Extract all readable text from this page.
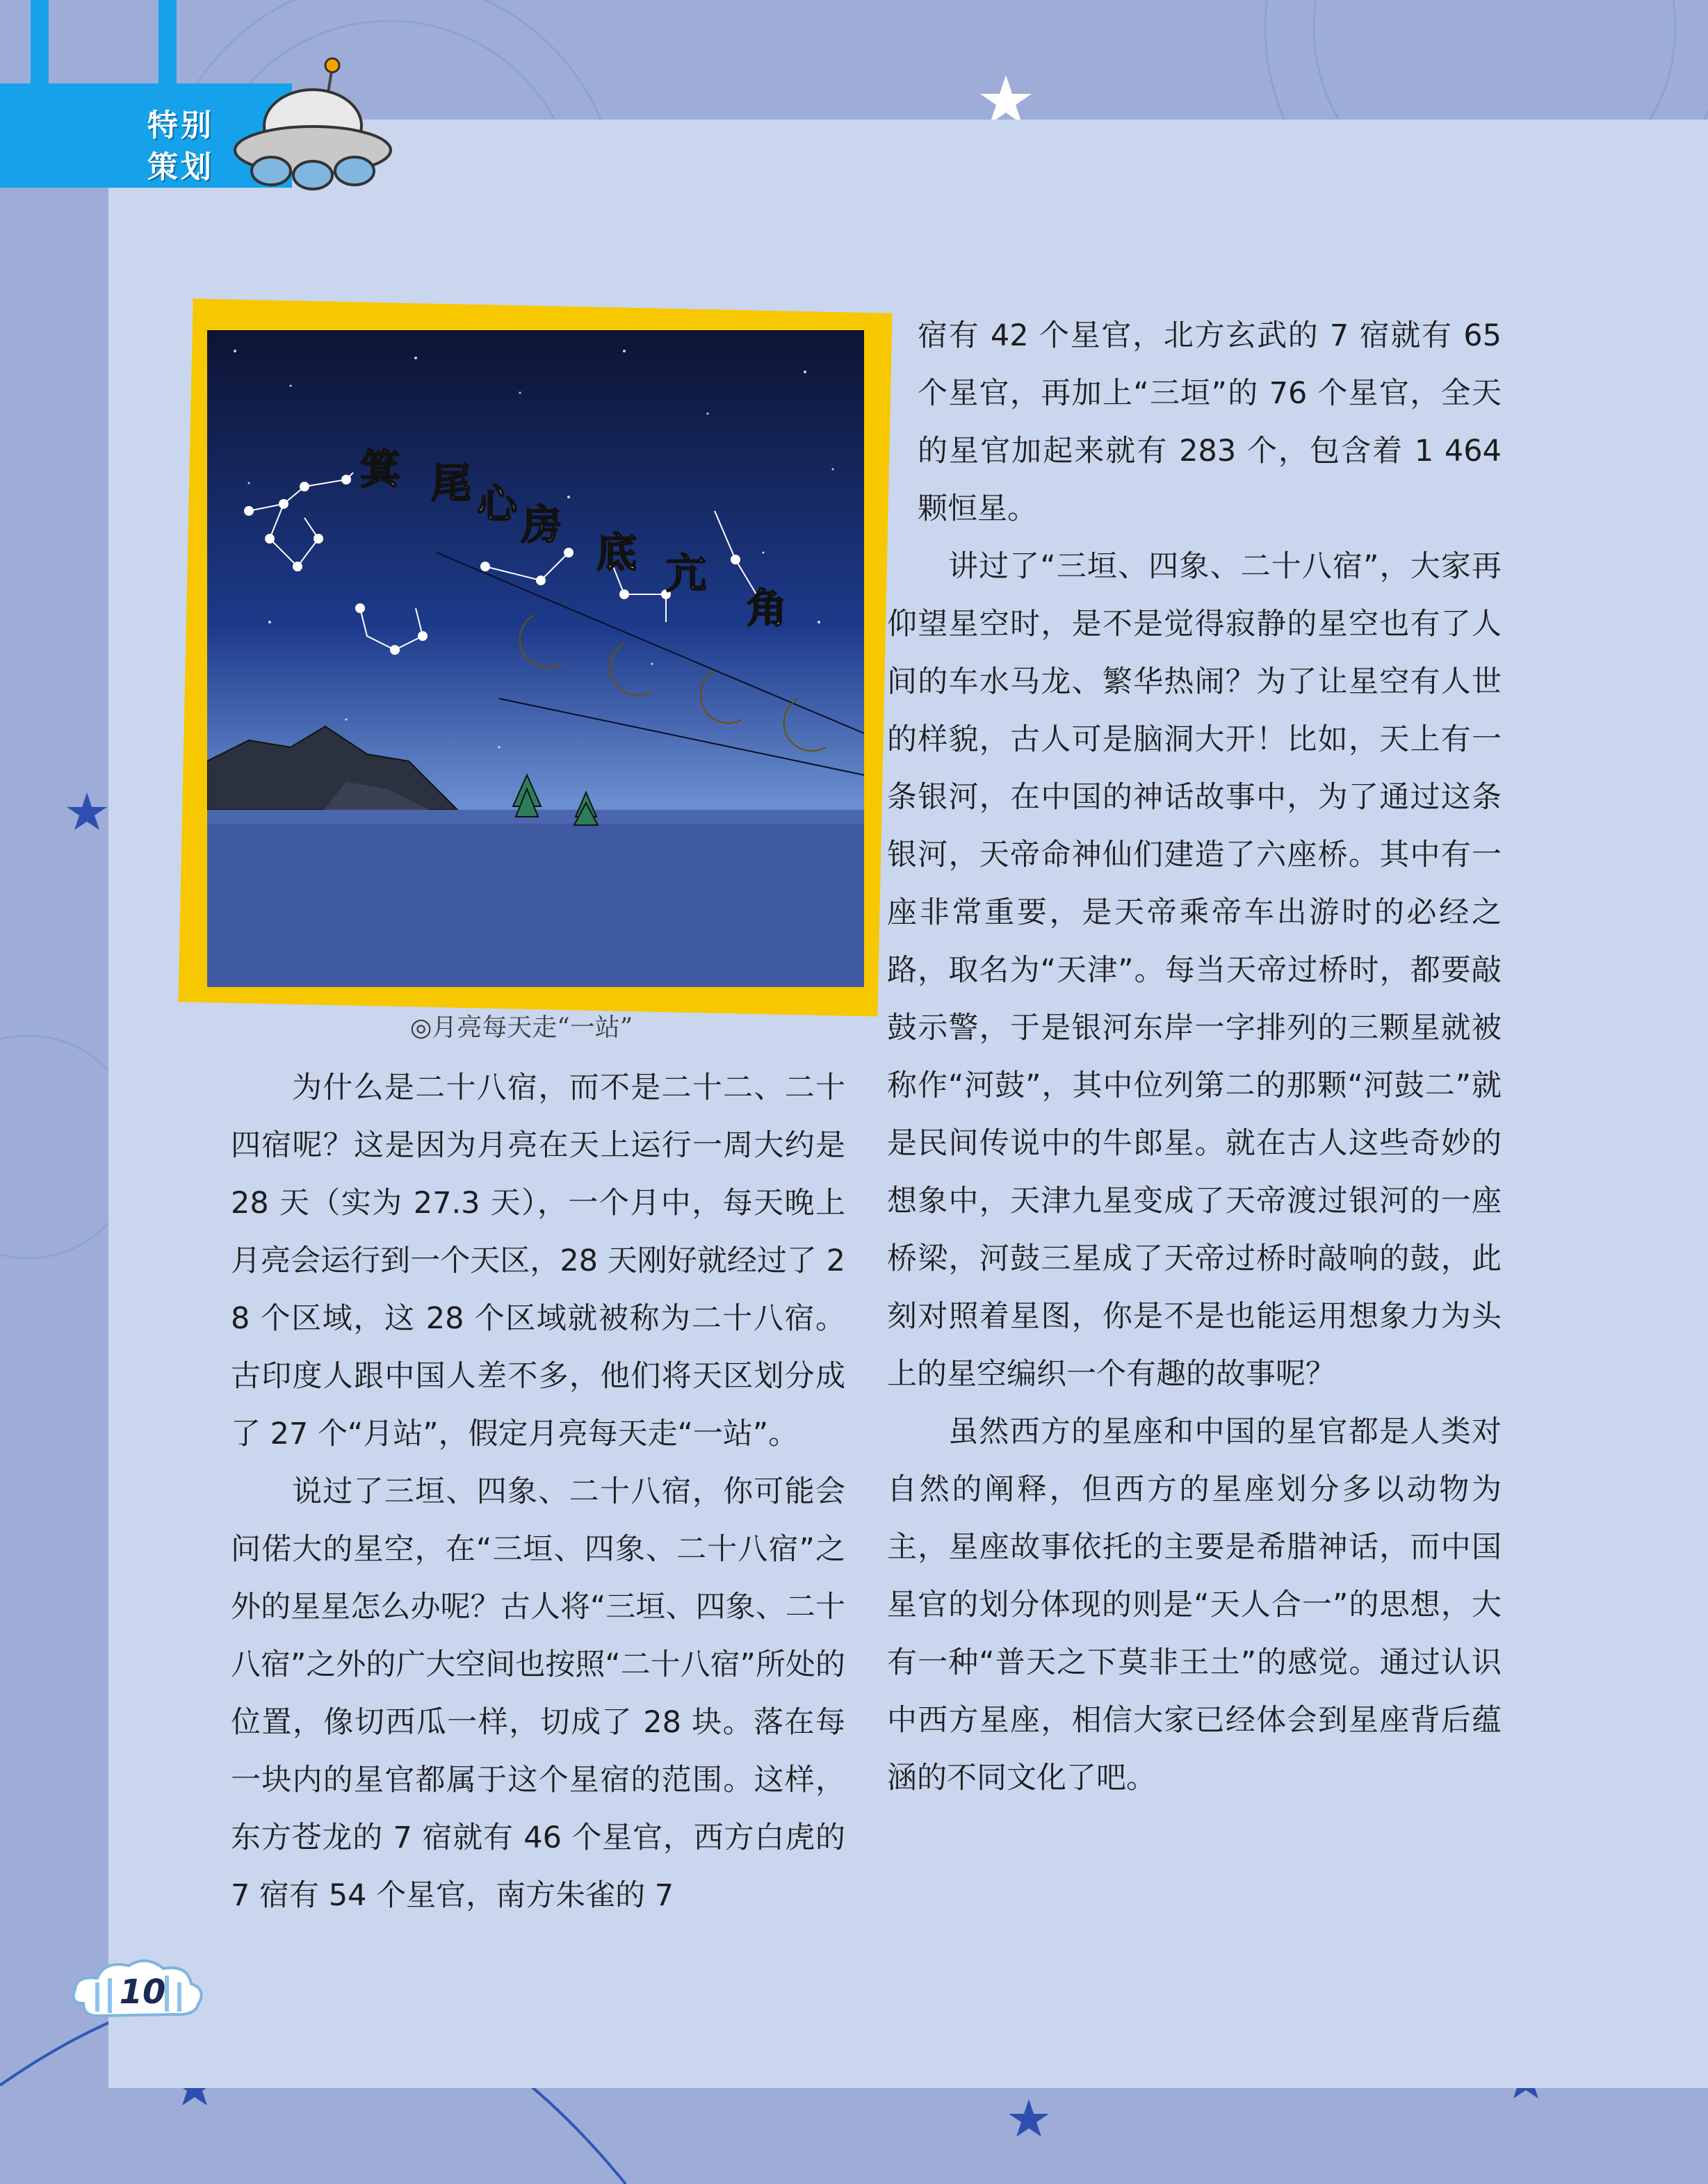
特别
策划
箕 尾 心 房
底 亢
角
◎月亮每天走“一站”

为什么是二十八宿，而不是二十二、二十四宿呢？这是因为月亮在天上运行一周大约是 28 天（实为 27.3 天），一个月中，每天晚上月亮会运行到一个天区，28 天刚好就经过了 28 个区域，这 28 个区域就被称为二十八宿。古印度人跟中国人差不多，他们将天区划分成了 27 个“月站”，假定月亮每天走“一站”。

说过了三垣、四象、二十八宿，你可能会问偌大的星空，在“三垣、四象、二十八宿”之外的星星怎么办呢？古人将“三垣、四象、二十八宿”之外的广大空间也按照“二十八宿”所处的位置，像切西瓜一样，切成了 28 块。落在每一块内的星官都属于这个星宿的范围。这样，东方苍龙的 7 宿就有 46 个星官，西方白虎的 7 宿有 54 个星官，南方朱雀的 7

宿有 42 个星官，北方玄武的 7 宿就有 65 个星官，再加上“三垣”的 76 个星官，全天的星官加起来就有 283 个，包含着 1 464 颗恒星。

讲过了“三垣、四象、二十八宿”，大家再仰望星空时，是不是觉得寂静的星空也有了人间的车水马龙、繁华热闹？为了让星空有人世的样貌，古人可是脑洞大开！比如，天上有一条银河，在中国的神话故事中，为了通过这条银河，天帝命神仙们建造了六座桥。其中有一座非常重要，是天帝乘帝车出游时的必经之路，取名为“天津”。每当天帝过桥时，都要敲鼓示警，于是银河东岸一字排列的三颗星就被称作“河鼓”，其中位列第二的那颗“河鼓二”就是民间传说中的牛郎星。就在古人这些奇妙的想象中，天津九星变成了天帝渡过银河的一座桥梁，河鼓三星成了天帝过桥时敲响的鼓，此刻对照着星图，你是不是也能运用想象力为头上的星空编织一个有趣的故事呢？

虽然西方的星座和中国的星官都是人类对自然的阐释，但西方的星座划分多以动物为主，星座故事依托的主要是希腊神话，而中国星官的划分体现的则是“天人合一”的思想，大有一种“普天之下莫非王土”的感觉。通过认识中西方星座，相信大家已经体会到星座背后蕴涵的不同文化了吧。

10
